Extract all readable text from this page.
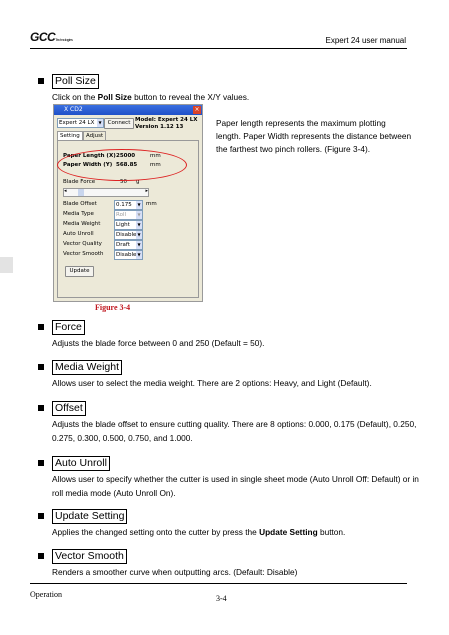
GCCTechnologies	Expert 24 user manual
Poll Size
Click on the Poll Size button to reveal the X/Y values.
X CD2	×
Expert 24 LX	▼	Connect Model: Expert 24 LX
Version 1.12 13
Setting	Adjust
Paper Length (X) 25000	mm
Paper Width (Y) 568.85 mm
Blade Force	50 g
◂	▸
Blade Offset	0.175	▼ mm
Media Type	Roll	▼
Media Weight	Light	▼
Auto Unroll	Disable ▼
Vector Quality	Draft	▼
Vector Smooth	Disable ▼
Update
Paper length represents the maximum plotting length. Paper Width represents the distance between the farthest two pinch rollers. (Figure 3-4).
Figure 3-4
Force
Adjusts the blade force between 0 and 250 (Default = 50).
Media Weight
Allows user to select the media weight. There are 2 options: Heavy, and Light (Default).
Offset
Adjusts the blade offset to ensure cutting quality. There are 8 options: 0.000, 0.175 (Default), 0.250, 0.275, 0.300, 0.500, 0.750, and 1.000.
Auto Unroll
Allows user to specify whether the cutter is used in single sheet mode (Auto Unroll Off: Default) or in roll media mode (Auto Unroll On).
Update Setting
Applies the changed setting onto the cutter by press the Update Setting button.
Vector Smooth
Renders a smoother curve when outputting arcs. (Default: Disable)
Operation	3-4
